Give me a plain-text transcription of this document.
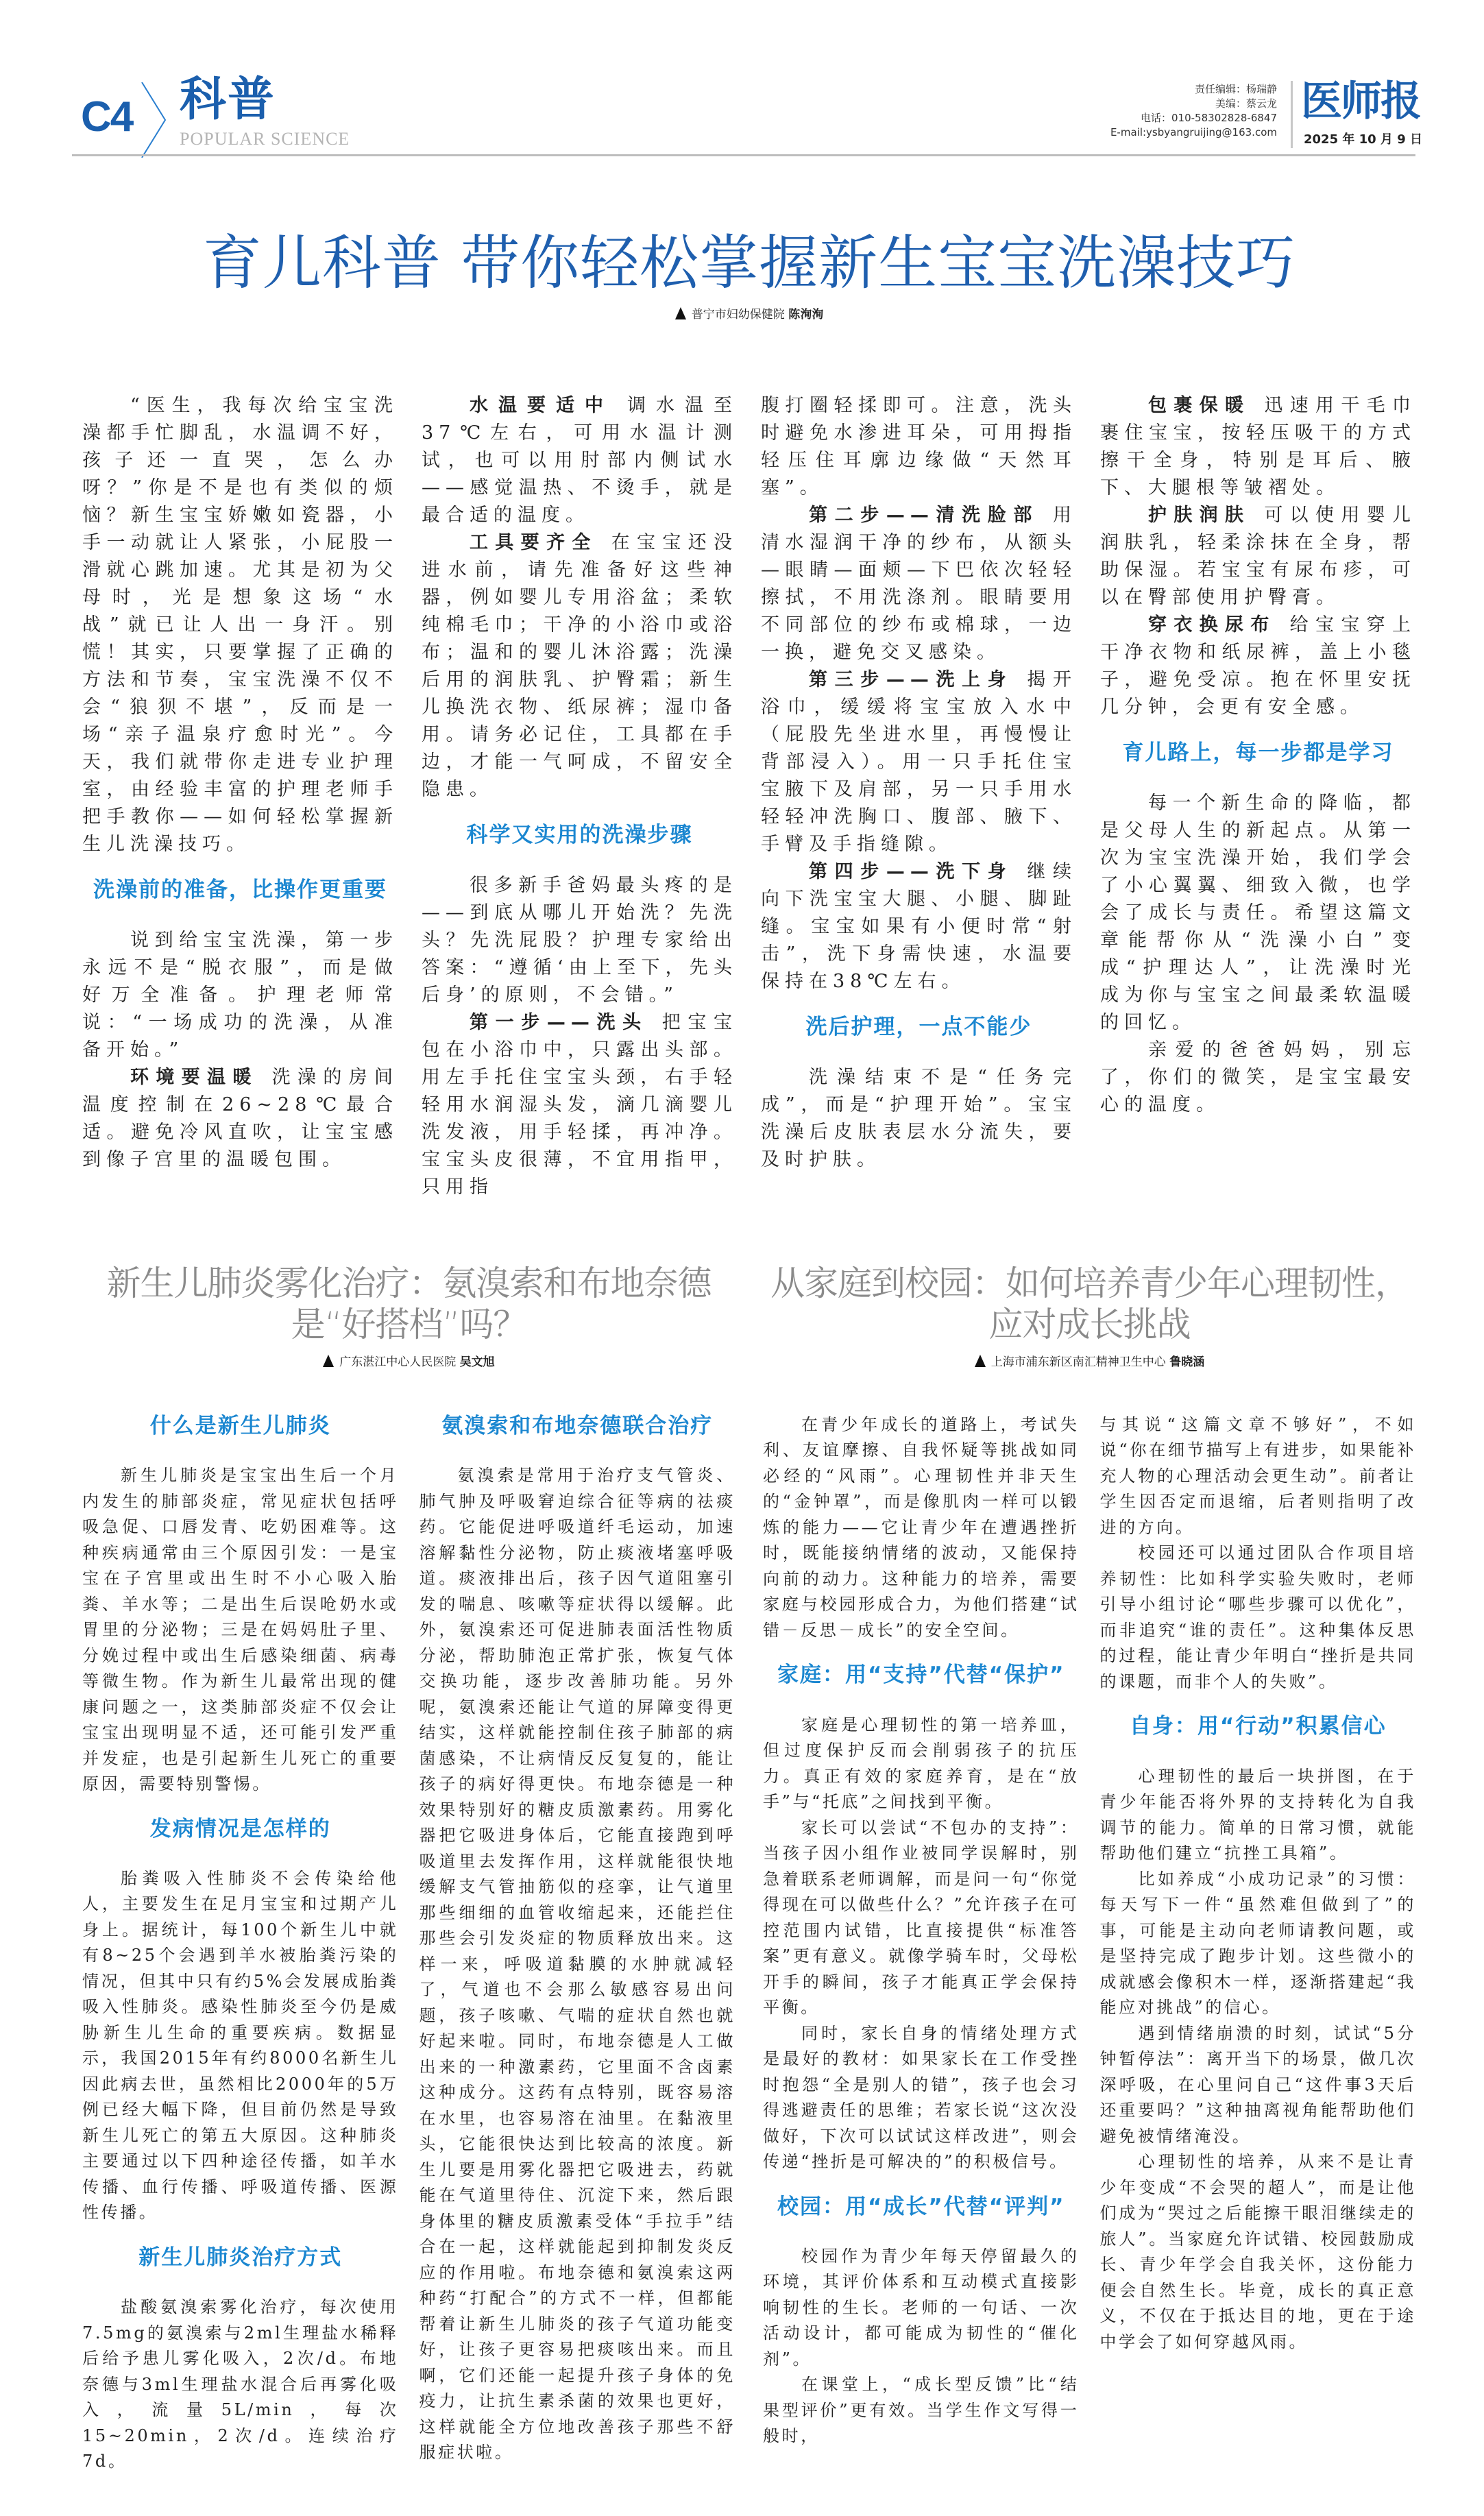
C4 科普
POPULAR SCIENCE
责任编辑：杨瑞静
美编：蔡云龙
电话：010-58302828-6847
E-mail:ysbyangruijing@163.com
医师报
2025 年 10 月 9 日
育儿科普 带你轻松掌握新生宝宝洗澡技巧
普宁市妇幼保健院 陈洵洵

“医生，我每次给宝宝洗澡都手忙脚乱，水温调不好，孩子还一直哭，怎么办呀？”你是不是也有类似的烦恼？新生宝宝娇嫩如瓷器，小手一动就让人紧张，小屁股一滑就心跳加速。尤其是初为父母时，光是想象这场“水战”就已让人出一身汗。别慌！其实，只要掌握了正确的方法和节奏，宝宝洗澡不仅不会“狼狈不堪”，反而是一场“亲子温泉疗愈时光”。今天，我们就带你走进专业护理室，由经验丰富的护理老师手把手教你——如何轻松掌握新生儿洗澡技巧。

洗澡前的准备，比操作更重要

说到给宝宝洗澡，第一步永远不是“脱衣服”，而是做好万全准备。护理老师常说：“一场成功的洗澡，从准备开始。”

环境要温暖 洗澡的房间温度控制在26~28℃最合适。避免冷风直吹，让宝宝感到像子宫里的温暖包围。

水温要适中 调水温至37℃左右，可用水温计测试，也可以用肘部内侧试水——感觉温热、不烫手，就是最合适的温度。

工具要齐全 在宝宝还没进水前，请先准备好这些神器，例如婴儿专用浴盆；柔软纯棉毛巾；干净的小浴巾或浴布；温和的婴儿沐浴露；洗澡后用的润肤乳、护臀霜；新生儿换洗衣物、纸尿裤；湿巾备用。请务必记住，工具都在手边，才能一气呵成，不留安全隐患。

科学又实用的洗澡步骤

很多新手爸妈最头疼的是——到底从哪儿开始洗？先洗头？先洗屁股？护理专家给出答案：“遵循‘由上至下，先头后身’的原则，不会错。”

第一步——洗头 把宝宝包在小浴巾中，只露出头部。用左手托住宝宝头颈，右手轻轻用水润湿头发，滴几滴婴儿洗发液，用手轻揉，再冲净。宝宝头皮很薄，不宜用指甲，只用指

腹打圈轻揉即可。注意，洗头时避免水渗进耳朵，可用拇指轻压住耳廓边缘做“天然耳塞”。

第二步——清洗脸部 用清水湿润干净的纱布，从额头—眼睛—面颊—下巴依次轻轻擦拭，不用洗涤剂。眼睛要用不同部位的纱布或棉球，一边一换，避免交叉感染。

第三步——洗上身 揭开浴巾，缓缓将宝宝放入水中（屁股先坐进水里，再慢慢让背部浸入）。用一只手托住宝宝腋下及肩部，另一只手用水轻轻冲洗胸口、腹部、腋下、手臂及手指缝隙。

第四步——洗下身 继续向下洗宝宝大腿、小腿、脚趾缝。宝宝如果有小便时常“射击”，洗下身需快速，水温要保持在38℃左右。

洗后护理，一点不能少

洗澡结束不是“任务完成”，而是“护理开始”。宝宝洗澡后皮肤表层水分流失，要及时护肤。

包裹保暖 迅速用干毛巾裹住宝宝，按轻压吸干的方式擦干全身，特别是耳后、腋下、大腿根等皱褶处。

护肤润肤 可以使用婴儿润肤乳，轻柔涂抹在全身，帮助保湿。若宝宝有尿布疹，可以在臀部使用护臀膏。

穿衣换尿布 给宝宝穿上干净衣物和纸尿裤，盖上小毯子，避免受凉。抱在怀里安抚几分钟，会更有安全感。

育儿路上，每一步都是学习

每一个新生命的降临，都是父母人生的新起点。从第一次为宝宝洗澡开始，我们学会了小心翼翼、细致入微，也学会了成长与责任。希望这篇文章能帮你从“洗澡小白”变成“护理达人”，让洗澡时光成为你与宝宝之间最柔软温暖的回忆。

亲爱的爸爸妈妈，别忘了，你们的微笑，是宝宝最安心的温度。

新生儿肺炎雾化治疗：氨溴索和布地奈德是“好搭档”吗？
广东湛江中心人民医院 吴文旭
什么是新生儿肺炎

新生儿肺炎是宝宝出生后一个月内发生的肺部炎症，常见症状包括呼吸急促、口唇发青、吃奶困难等。这种疾病通常由三个原因引发：一是宝宝在子宫里或出生时不小心吸入胎粪、羊水等；二是出生后误呛奶水或胃里的分泌物；三是在妈妈肚子里、分娩过程中或出生后感染细菌、病毒等微生物。作为新生儿最常出现的健康问题之一，这类肺部炎症不仅会让宝宝出现明显不适，还可能引发严重并发症，也是引起新生儿死亡的重要原因，需要特别警惕。

发病情况是怎样的

胎粪吸入性肺炎不会传染给他人，主要发生在足月宝宝和过期产儿身上。据统计，每100个新生儿中就有8~25个会遇到羊水被胎粪污染的情况，但其中只有约5%会发展成胎粪吸入性肺炎。感染性肺炎至今仍是威胁新生儿生命的重要疾病。数据显示，我国2015年有约8000名新生儿因此病去世，虽然相比2000年的5万例已经大幅下降，但目前仍然是导致新生儿死亡的第五大原因。这种肺炎主要通过以下四种途径传播，如羊水传播、血行传播、呼吸道传播、医源性传播。

新生儿肺炎治疗方式

盐酸氨溴索雾化治疗，每次使用7.5mg的氨溴索与2ml生理盐水稀释后给予患儿雾化吸入，2次/d。布地奈德与3ml生理盐水混合后再雾化吸入，流量5L/min，每次15~20min，2次/d。连续治疗7d。

氨溴索和布地奈德联合治疗

氨溴索是常用于治疗支气管炎、肺气肿及呼吸窘迫综合征等病的祛痰药。它能促进呼吸道纤毛运动，加速溶解黏性分泌物，防止痰液堵塞呼吸道。痰液排出后，孩子因气道阻塞引发的喘息、咳嗽等症状得以缓解。此外，氨溴索还可促进肺表面活性物质分泌，帮助肺泡正常扩张，恢复气体交换功能，逐步改善肺功能。另外呢，氨溴索还能让气道的屏障变得更结实，这样就能控制住孩子肺部的病菌感染，不让病情反反复复的，能让孩子的病好得更快。布地奈德是一种效果特别好的糖皮质激素药。用雾化器把它吸进身体后，它能直接跑到呼吸道里去发挥作用，这样就能很快地缓解支气管抽筋似的痉挛，让气道里那些细细的血管收缩起来，还能拦住那些会引发炎症的物质释放出来。这样一来，呼吸道黏膜的水肿就减轻了，气道也不会那么敏感容易出问题，孩子咳嗽、气喘的症状自然也就好起来啦。同时，布地奈德是人工做出来的一种激素药，它里面不含卤素这种成分。这药有点特别，既容易溶在水里，也容易溶在油里。在黏液里头，它能很快达到比较高的浓度。新生儿要是用雾化器把它吸进去，药就能在气道里待住、沉淀下来，然后跟身体里的糖皮质激素受体“手拉手”结合在一起，这样就能起到抑制发炎反应的作用啦。布地奈德和氨溴索这两种药“打配合”的方式不一样，但都能帮着让新生儿肺炎的孩子气道功能变好，让孩子更容易把痰咳出来。而且啊，它们还能一起提升孩子身体的免疫力，让抗生素杀菌的效果也更好，这样就能全方位地改善孩子那些不舒服症状啦。

从家庭到校园：如何培养青少年心理韧性，应对成长挑战
上海市浦东新区南汇精神卫生中心 鲁晓涵

在青少年成长的道路上，考试失利、友谊摩擦、自我怀疑等挑战如同必经的“风雨”。心理韧性并非天生的“金钟罩”，而是像肌肉一样可以锻炼的能力——它让青少年在遭遇挫折时，既能接纳情绪的波动，又能保持向前的动力。这种能力的培养，需要家庭与校园形成合力，为他们搭建“试错－反思－成长”的安全空间。

家庭：用“支持”代替“保护”

家庭是心理韧性的第一培养皿，但过度保护反而会削弱孩子的抗压力。真正有效的家庭养育，是在“放手”与“托底”之间找到平衡。

家长可以尝试“不包办的支持”：当孩子因小组作业被同学误解时，别急着联系老师调解，而是问一句“你觉得现在可以做些什么？”允许孩子在可控范围内试错，比直接提供“标准答案”更有意义。就像学骑车时，父母松开手的瞬间，孩子才能真正学会保持平衡。

同时，家长自身的情绪处理方式是最好的教材：如果家长在工作受挫时抱怨“全是别人的错”，孩子也会习得逃避责任的思维；若家长说“这次没做好，下次可以试试这样改进”，则会传递“挫折是可解决的”的积极信号。

校园：用“成长”代替“评判”

校园作为青少年每天停留最久的环境，其评价体系和互动模式直接影响韧性的生长。老师的一句话、一次活动设计，都可能成为韧性的“催化剂”。

在课堂上，“成长型反馈”比“结果型评价”更有效。当学生作文写得一般时，

与其说“这篇文章不够好”，不如说“你在细节描写上有进步，如果能补充人物的心理活动会更生动”。前者让学生因否定而退缩，后者则指明了改进的方向。

校园还可以通过团队合作项目培养韧性：比如科学实验失败时，老师引导小组讨论“哪些步骤可以优化”，而非追究“谁的责任”。这种集体反思的过程，能让青少年明白“挫折是共同的课题，而非个人的失败”。

自身：用“行动”积累信心

心理韧性的最后一块拼图，在于青少年能否将外界的支持转化为自我调节的能力。简单的日常习惯，就能帮助他们建立“抗挫工具箱”。

比如养成“小成功记录”的习惯：每天写下一件“虽然难但做到了”的事，可能是主动向老师请教问题，或是坚持完成了跑步计划。这些微小的成就感会像积木一样，逐渐搭建起“我能应对挑战”的信心。

遇到情绪崩溃的时刻，试试“5分钟暂停法”：离开当下的场景，做几次深呼吸，在心里问自己“这件事3天后还重要吗？”这种抽离视角能帮助他们避免被情绪淹没。

心理韧性的培养，从来不是让青少年变成“不会哭的超人”，而是让他们成为“哭过之后能擦干眼泪继续走的旅人”。当家庭允许试错、校园鼓励成长、青少年学会自我关怀，这份能力便会自然生长。毕竟，成长的真正意义，不仅在于抵达目的地，更在于途中学会了如何穿越风雨。
